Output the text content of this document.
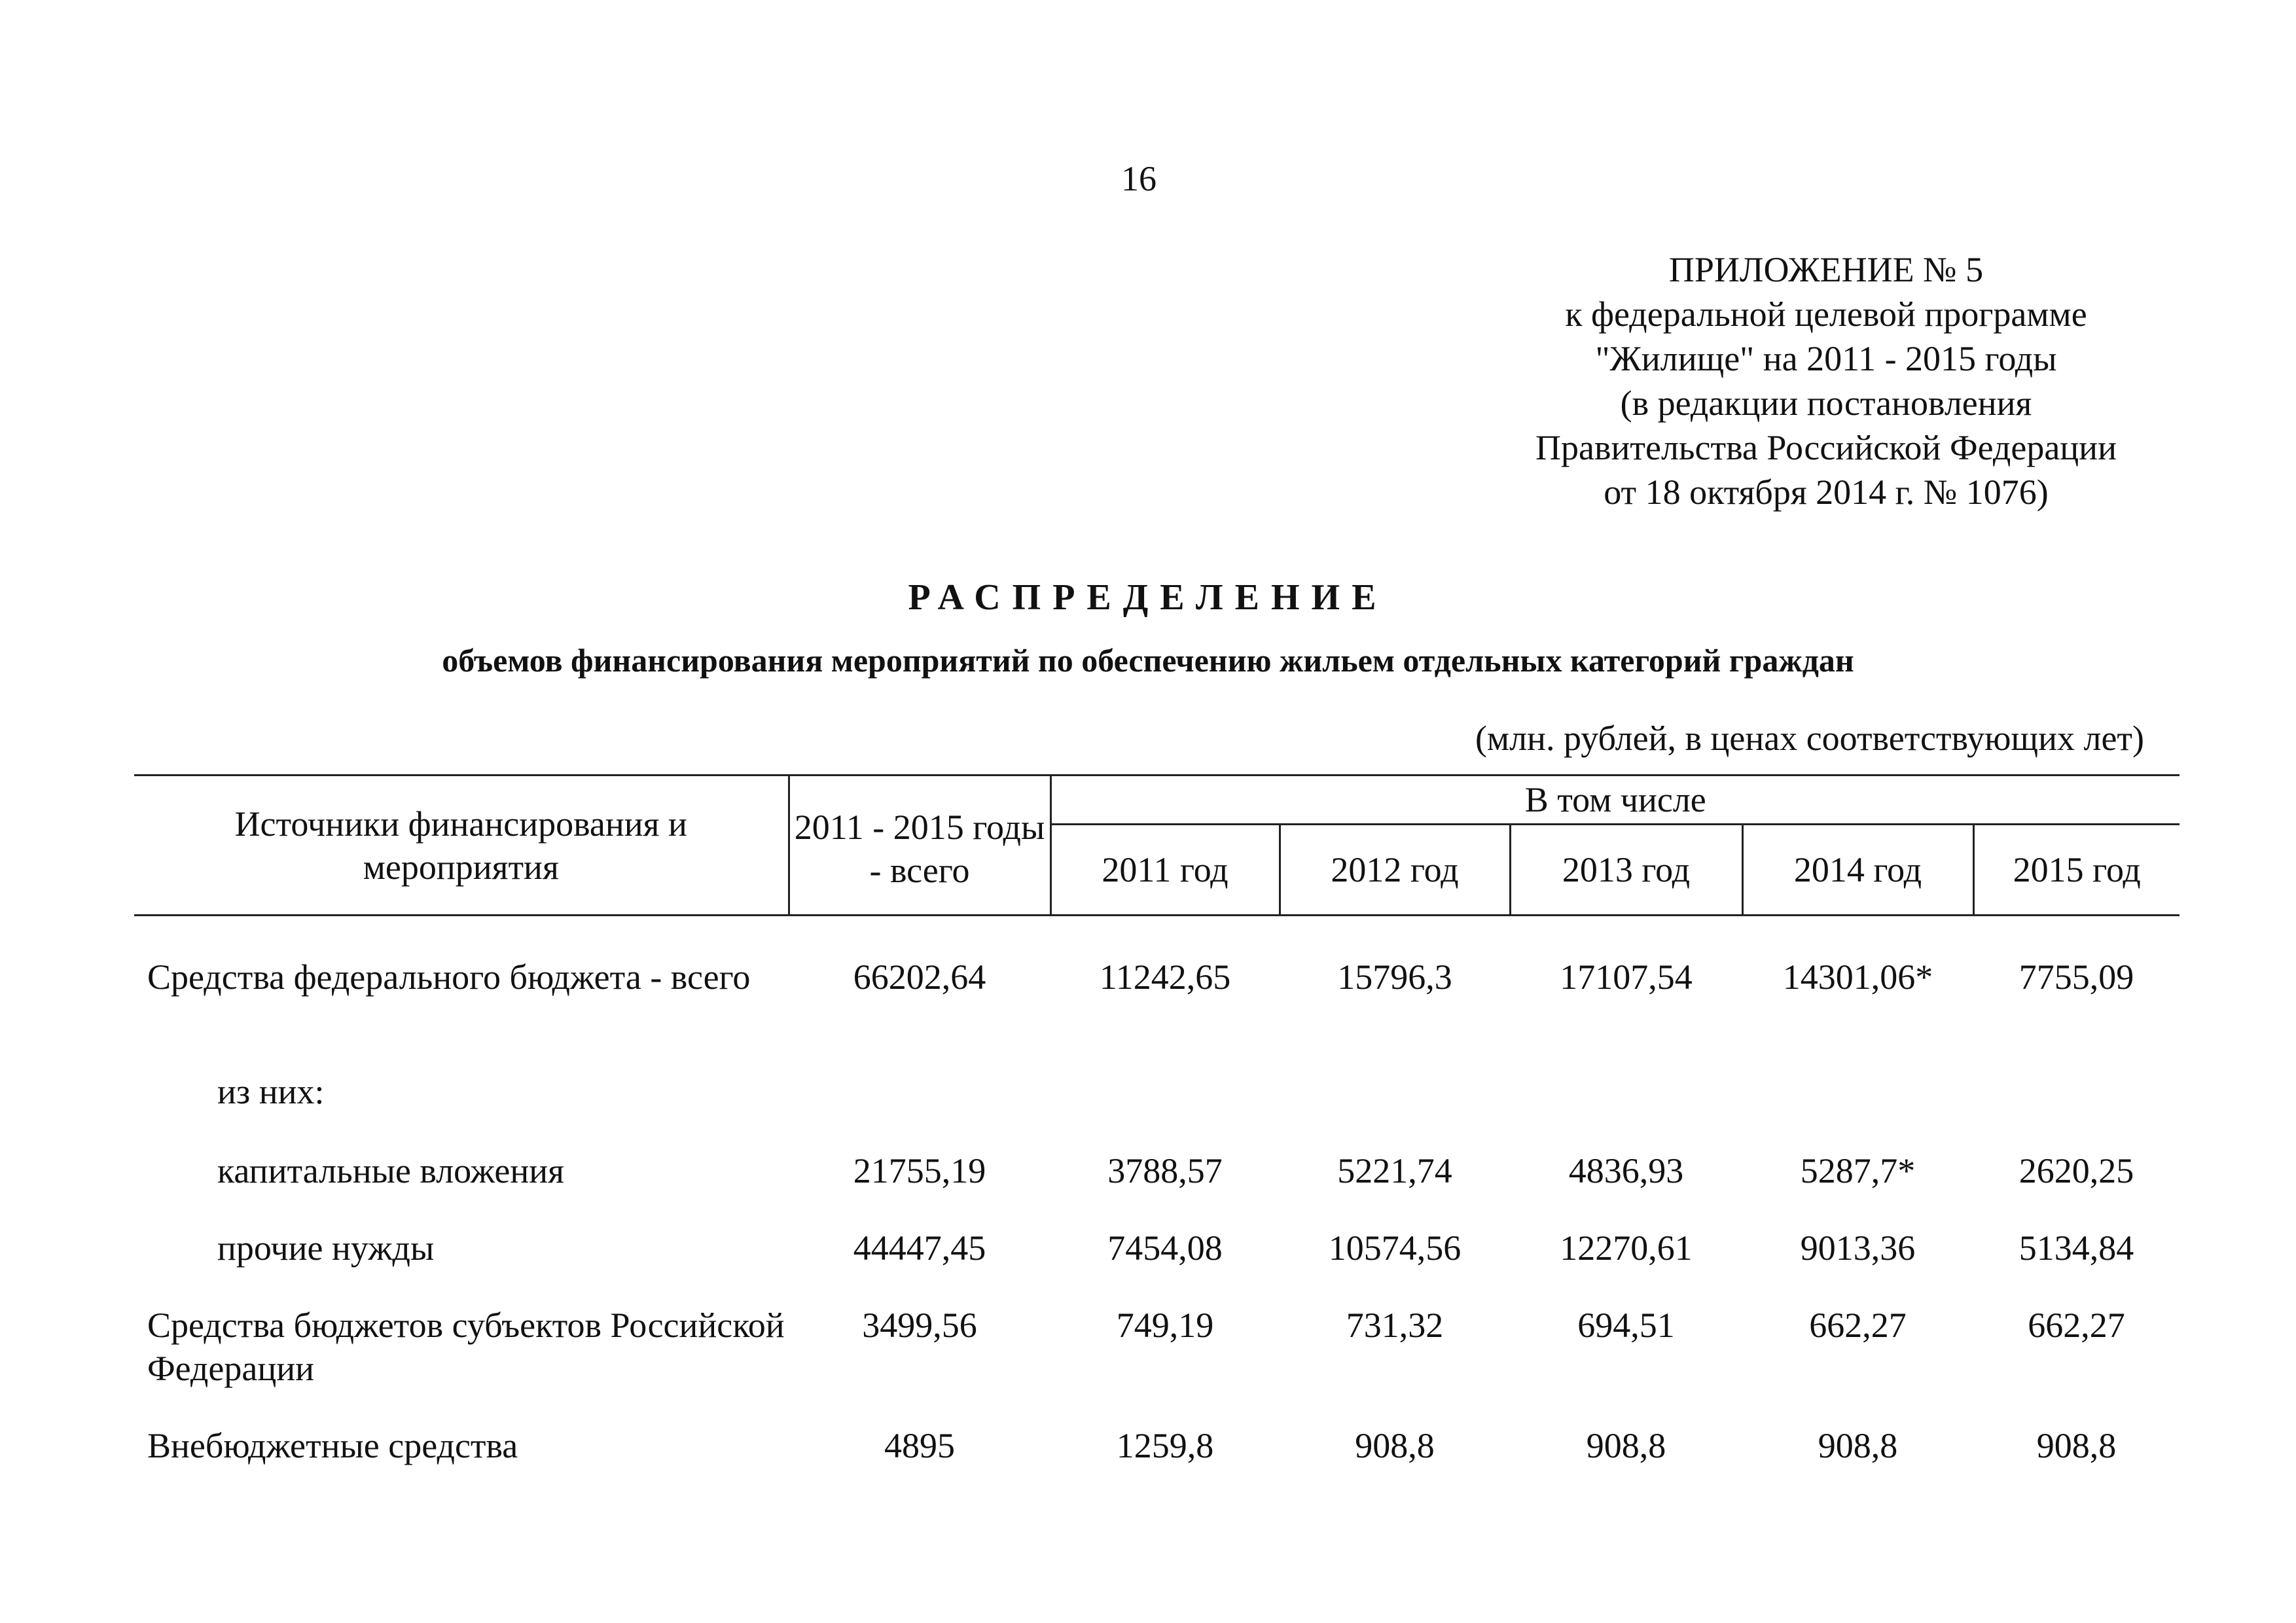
16
ПРИЛОЖЕНИЕ № 5
к федеральной целевой программе
"Жилище" на 2011 - 2015 годы
(в редакции постановления
Правительства Российской Федерации
от 18 октября 2014 г. № 1076)
РАСПРЕДЕЛЕНИЕ
объемов финансирования мероприятий по обеспечению жильем отдельных категорий граждан
(млн. рублей, в ценах соответствующих лет)
Источники финансирования и мероприятия	2011 - 2015 годы - всего	В том числе				
		2011 год	2012 год	2013 год	2014 год	2015 год

Средства федерального бюджета - всего	66202,64	11242,65	15796,3	17107,54	14301,06*	7755,09
из них:						
капитальные вложения	21755,19	3788,57	5221,74	4836,93	5287,7*	2620,25
прочие нужды	44447,45	7454,08	10574,56	12270,61	9013,36	5134,84
Средства бюджетов субъектов Российской Федерации	3499,56	749,19	731,32	694,51	662,27	662,27
Внебюджетные средства	4895	1259,8	908,8	908,8	908,8	908,8
